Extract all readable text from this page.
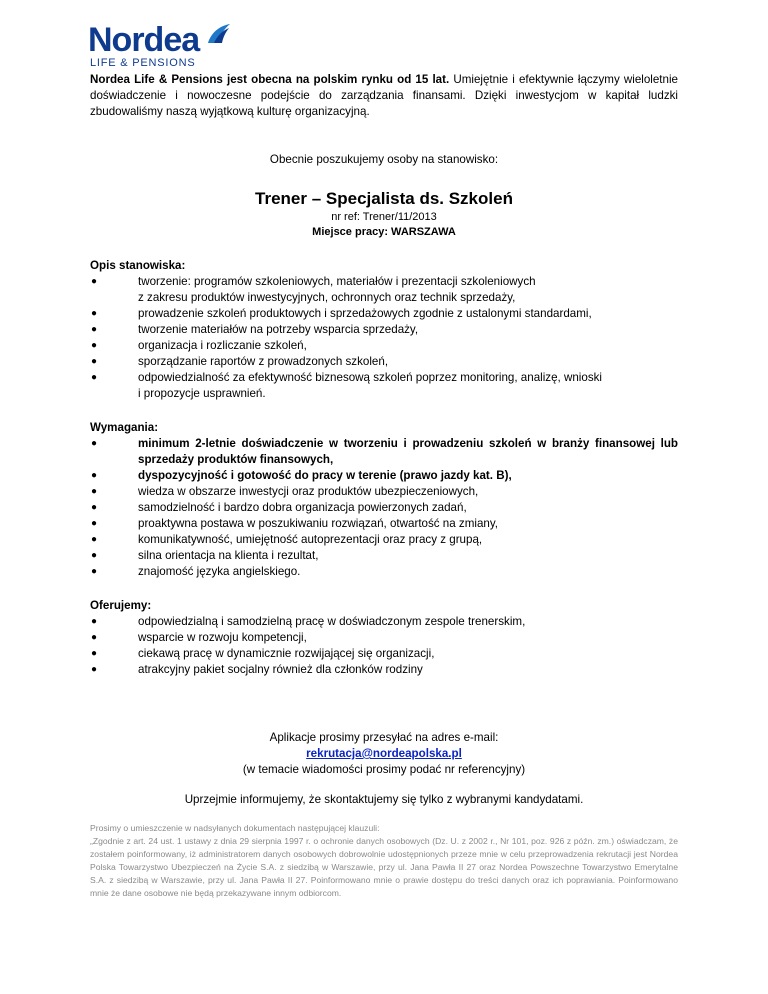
Nordea
LIFE & PENSIONS

Nordea Life & Pensions jest obecna na polskim rynku od 15 lat. Umiejętnie i efektywnie łączymy wieloletnie doświadczenie i nowoczesne podejście do zarządzania finansami. Dzięki inwestycjom w kapitał ludzki zbudowaliśmy naszą wyjątkową kulturę organizacyjną.

Obecnie poszukujemy osoby na stanowisko:
Trener – Specjalista ds. Szkoleń
nr ref: Trener/11/2013
Miejsce pracy: WARSZAWA
Opis stanowiska:
●	tworzenie: programów szkoleniowych, materiałów i prezentacji szkoleniowych
z zakresu produktów inwestycyjnych, ochronnych oraz technik sprzedaży,
●	prowadzenie szkoleń produktowych i sprzedażowych zgodnie z ustalonymi standardami,
●	tworzenie materiałów na potrzeby wsparcia sprzedaży,
●	organizacja i rozliczanie szkoleń,
●	sporządzanie raportów z prowadzonych szkoleń,
●	odpowiedzialność za efektywność biznesową szkoleń poprzez monitoring, analizę, wnioski
i propozycje usprawnień.
Wymagania:
●	minimum 2-letnie doświadczenie w tworzeniu i prowadzeniu szkoleń w branży finansowej lub sprzedaży produktów finansowych,
●	dyspozycyjność i gotowość do pracy w terenie (prawo jazdy kat. B),
●	wiedza w obszarze inwestycji oraz produktów ubezpieczeniowych,
●	samodzielność i bardzo dobra organizacja powierzonych zadań,
●	proaktywna postawa w poszukiwaniu rozwiązań, otwartość na zmiany,
●	komunikatywność, umiejętność autoprezentacji oraz pracy z grupą,
●	silna orientacja na klienta i rezultat,
●	znajomość języka angielskiego.
Oferujemy:
●	odpowiedzialną i samodzielną pracę w doświadczonym zespole trenerskim,
●	wsparcie w rozwoju kompetencji,
●	ciekawą pracę w dynamicznie rozwijającej się organizacji,
●	atrakcyjny pakiet socjalny również dla członków rodziny
Aplikacje prosimy przesyłać na adres e-mail:
rekrutacja@nordeapolska.pl
(w temacie wiadomości prosimy podać nr referencyjny)
Uprzejmie informujemy, że skontaktujemy się tylko z wybranymi kandydatami.
Prosimy o umieszczenie w nadsyłanych dokumentach następującej klauzuli:
„Zgodnie z art. 24 ust. 1 ustawy z dnia 29 sierpnia 1997 r. o ochronie danych osobowych (Dz. U. z 2002 r., Nr 101, poz. 926 z późn. zm.) oświadczam, że zostałem poinformowany, iż administratorem danych osobowych dobrowolnie udostępnionych przeze mnie w celu przeprowadzenia rekrutacji jest Nordea Polska Towarzystwo Ubezpieczeń na Życie S.A. z siedzibą w Warszawie, przy ul. Jana Pawła II 27 oraz Nordea Powszechne Towarzystwo Emerytalne S.A. z siedzibą w Warszawie, przy ul. Jana Pawła II 27. Poinformowano mnie o prawie dostępu do treści danych oraz ich poprawiania. Poinformowano mnie że dane osobowe nie będą przekazywane innym odbiorcom.
